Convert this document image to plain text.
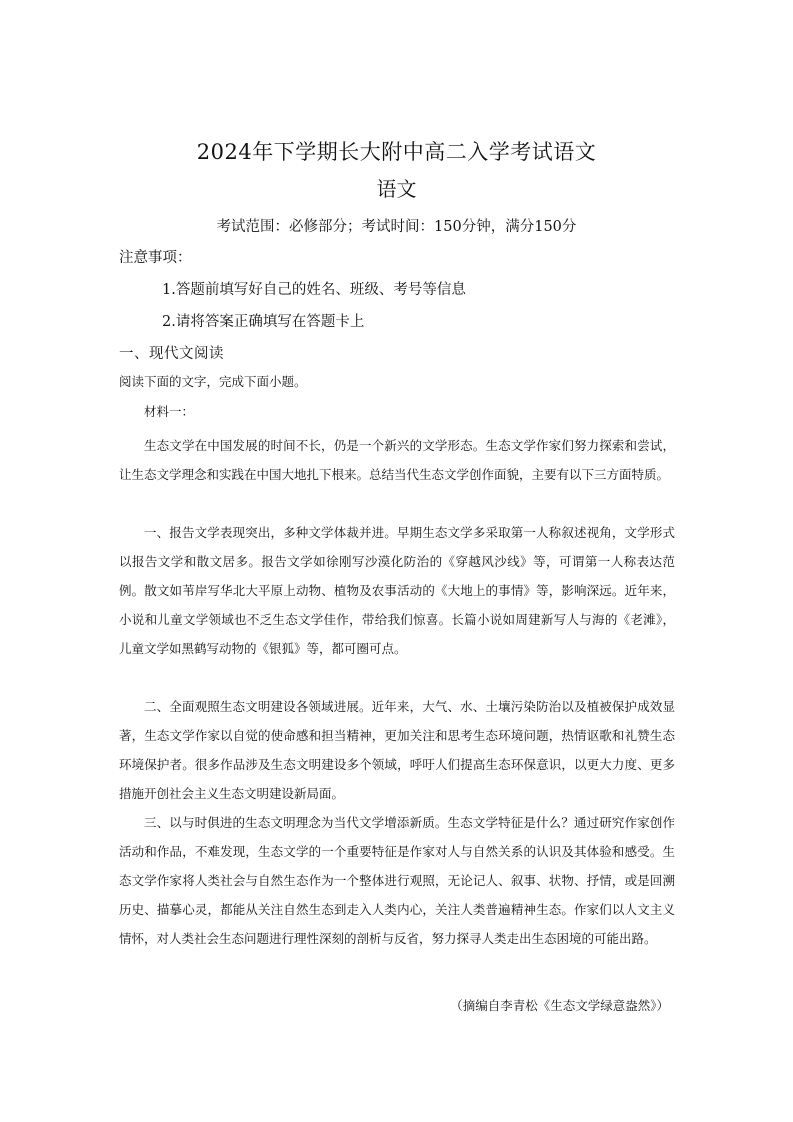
2024年下学期长大附中高二入学考试语文
语文
考试范围：必修部分；考试时间：150分钟，满分150分
注意事项：
1.答题前填写好自己的姓名、班级、考号等信息
2.请将答案正确填写在答题卡上
一、现代文阅读
阅读下面的文字，完成下面小题。
材料一：

生态文学在中国发展的时间不长，仍是一个新兴的文学形态。生态文学作家们努力探索和尝试，让生态文学理念和实践在中国大地扎下根来。总结当代生态文学创作面貌，主要有以下三方面特质。

一、报告文学表现突出，多种文学体裁并进。早期生态文学多采取第一人称叙述视角，文学形式以报告文学和散文居多。报告文学如徐刚写沙漠化防治的《穿越风沙线》等，可谓第一人称表达范例。散文如苇岸写华北大平原上动物、植物及农事活动的《大地上的事情》等，影响深远。近年来，小说和儿童文学领域也不乏生态文学佳作，带给我们惊喜。长篇小说如周建新写人与海的《老滩》，儿童文学如黑鹤写动物的《银狐》等，都可圈可点。

二、全面观照生态文明建设各领域进展。近年来，大气、水、土壤污染防治以及植被保护成效显著，生态文学作家以自觉的使命感和担当精神，更加关注和思考生态环境问题，热情讴歌和礼赞生态环境保护者。很多作品涉及生态文明建设多个领域，呼吁人们提高生态环保意识，以更大力度、更多措施开创社会主义生态文明建设新局面。

三、以与时俱进的生态文明理念为当代文学增添新质。生态文学特征是什么？通过研究作家创作活动和作品，不难发现，生态文学的一个重要特征是作家对人与自然关系的认识及其体验和感受。生态文学作家将人类社会与自然生态作为一个整体进行观照，无论记人、叙事、状物、抒情，或是回溯历史、描摹心灵，都能从关注自然生态到走入人类内心，关注人类普遍精神生态。作家们以人文主义情怀，对人类社会生态问题进行理性深刻的剖析与反省，努力探寻人类走出生态困境的可能出路。

（摘编自李青松《生态文学绿意盎然》）
